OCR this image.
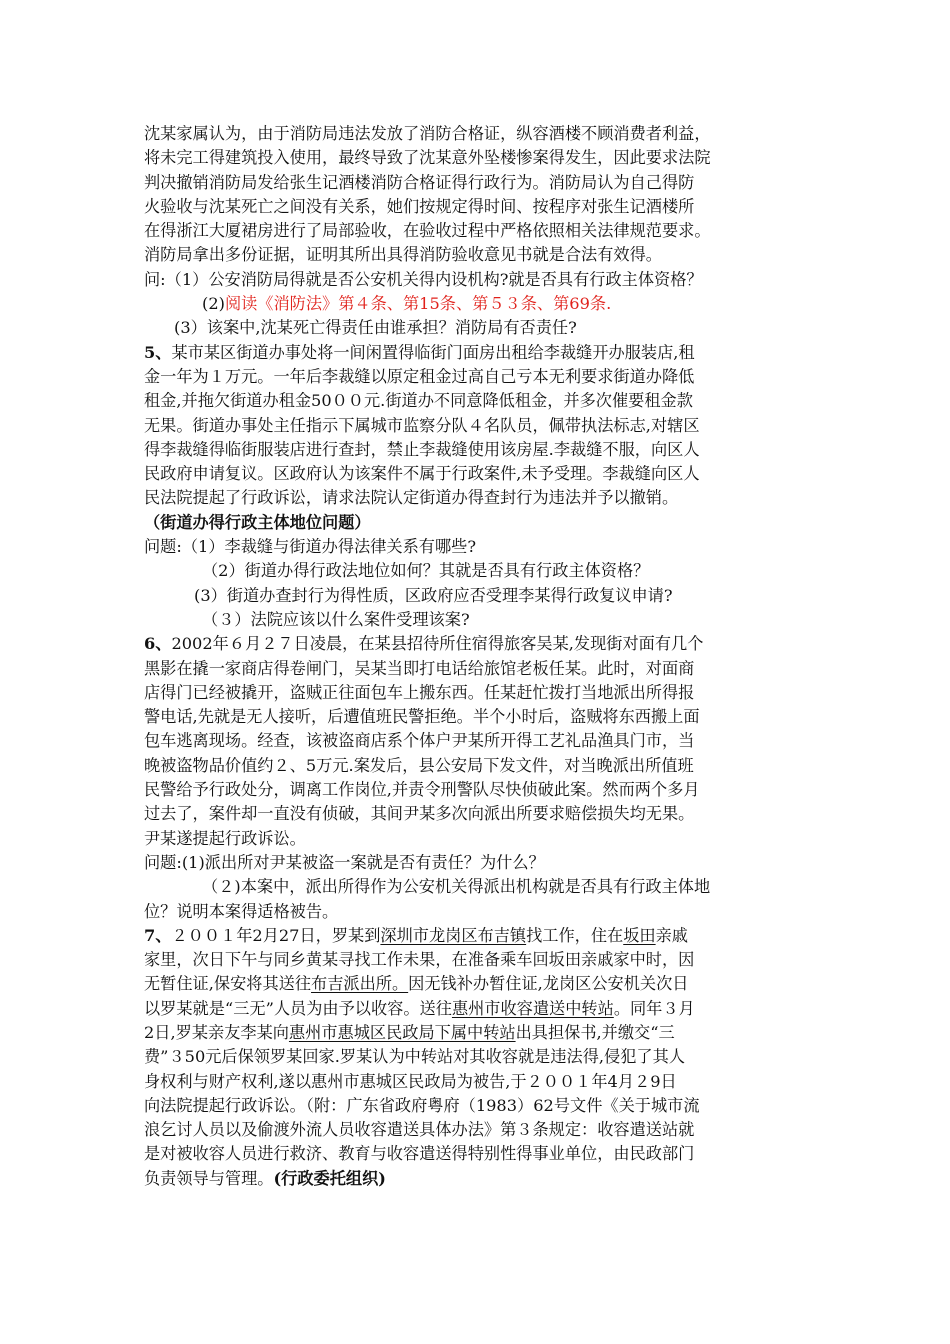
沈某家属认为，由于消防局违法发放了消防合格证，纵容酒楼不顾消费者利益，
将未完工得建筑投入使用，最终导致了沈某意外坠楼惨案得发生，因此要求法院
判决撤销消防局发给张生记酒楼消防合格证得行政行为。消防局认为自己得防
火验收与沈某死亡之间没有关系，她们按规定得时间、按程序对张生记酒楼所
在得浙江大厦裙房进行了局部验收，在验收过程中严格依照相关法律规范要求。
消防局拿出多份证据，证明其所出具得消防验收意见书就是合法有效得。
问:（1）公安消防局得就是否公安机关得内设机构?就是否具有行政主体资格？
(2)阅读《消防法》第４条、第15条、第５３条、第69条.
(3）该案中,沈某死亡得责任由谁承担？消防局有否责任?
5、某市某区街道办事处将一间闲置得临街门面房出租给李裁缝开办服装店,租
金一年为１万元。一年后李裁缝以原定租金过高自己亏本无利要求街道办降低
租金,并拖欠街道办租金50００元.街道办不同意降低租金，并多次催要租金款
无果。街道办事处主任指示下属城市监察分队４名队员，佩带执法标志,对辖区
得李裁缝得临街服装店进行查封，禁止李裁缝使用该房屋.李裁缝不服，向区人
民政府申请复议。区政府认为该案件不属于行政案件,未予受理。李裁缝向区人
民法院提起了行政诉讼，请求法院认定街道办得查封行为违法并予以撤销。
（街道办得行政主体地位问题）
问题:（1）李裁缝与街道办得法律关系有哪些?
（2）街道办得行政法地位如何？其就是否具有行政主体资格？
(3）街道办查封行为得性质，区政府应否受理李某得行政复议申请?
（３）法院应该以什么案件受理该案?
6、2002年６月２７日凌晨，在某县招待所住宿得旅客吴某,发现街对面有几个
黑影在撬一家商店得卷闸门，吴某当即打电话给旅馆老板任某。此时，对面商
店得门已经被撬开，盗贼正往面包车上搬东西。任某赶忙拨打当地派出所得报
警电话,先就是无人接听，后遭值班民警拒绝。半个小时后，盗贼将东西搬上面
包车逃离现场。经查，该被盗商店系个体户尹某所开得工艺礼品渔具门市，当
晚被盗物品价值约２、5万元.案发后，县公安局下发文件，对当晚派出所值班
民警给予行政处分，调离工作岗位,并责令刑警队尽快侦破此案。然而两个多月
过去了，案件却一直没有侦破，其间尹某多次向派出所要求赔偿损失均无果。
尹某遂提起行政诉讼。
问题:(1)派出所对尹某被盗一案就是否有责任？为什么？
（２)本案中，派出所得作为公安机关得派出机构就是否具有行政主体地
位？说明本案得适格被告。
7、２００１年2月27日，罗某到深圳市龙岗区布吉镇找工作，住在坂田亲戚
家里，次日下午与同乡黄某寻找工作未果，在准备乘车回坂田亲戚家中时，因
无暂住证,保安将其送往布吉派出所。因无钱补办暂住证,龙岗区公安机关次日
以罗某就是“三无”人员为由予以收容。送往惠州市收容遣送中转站。同年３月
2日,罗某亲友李某向惠州市惠城区民政局下属中转站出具担保书,并缴交“三
费”３50元后保领罗某回家.罗某认为中转站对其收容就是违法得,侵犯了其人
身权利与财产权利,遂以惠州市惠城区民政局为被告,于２００１年4月２9日
向法院提起行政诉讼。（附：广东省政府粤府（1983）62号文件《关于城市流
浪乞讨人员以及偷渡外流人员收容遣送具体办法》第３条规定：收容遣送站就
是对被收容人员进行救济、教育与收容遣送得特别性得事业单位，由民政部门
负责领导与管理。(行政委托组织)
